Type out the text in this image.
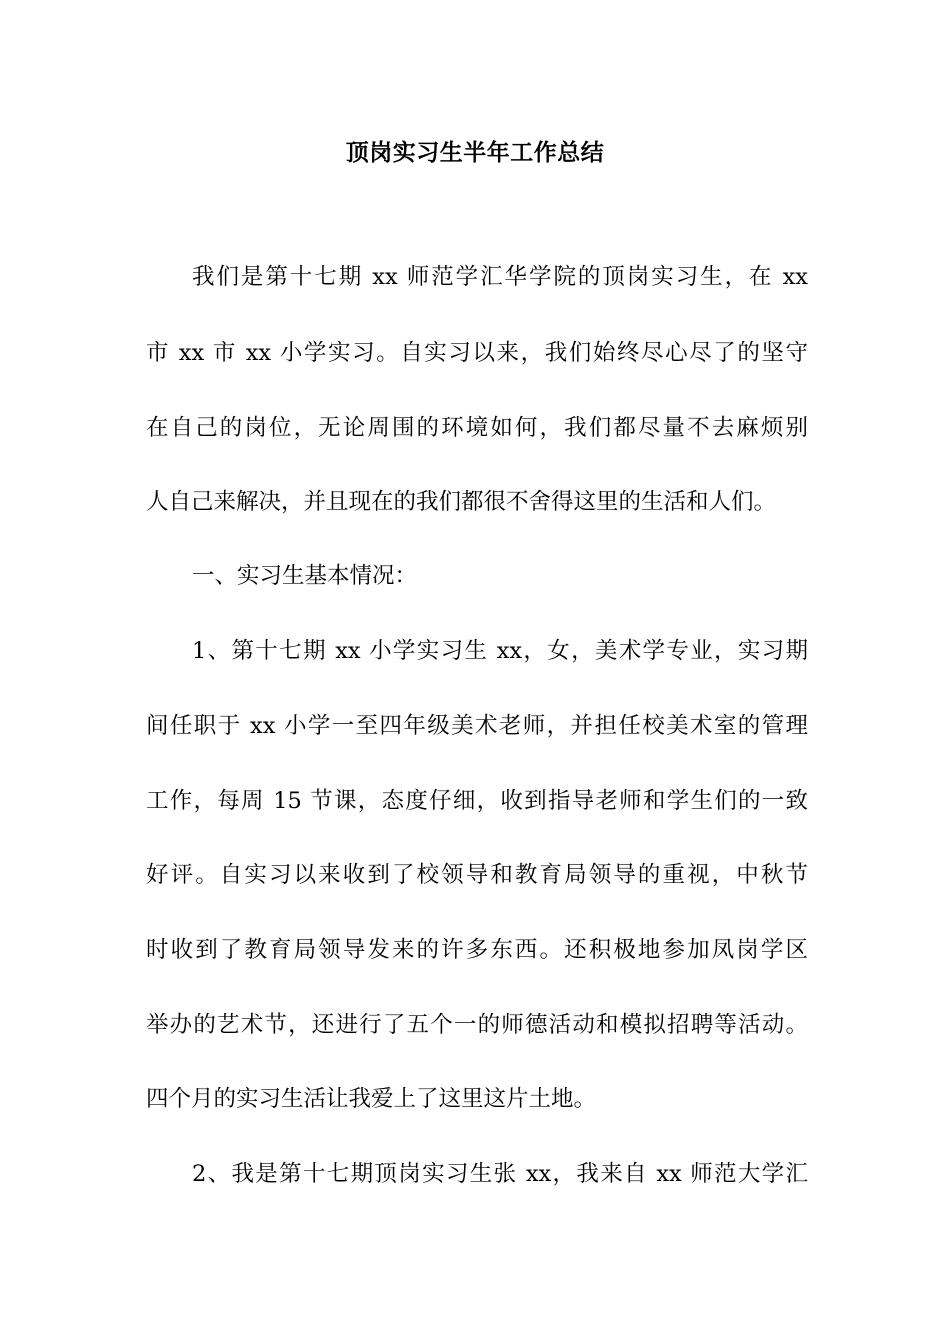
顶岗实习生半年工作总结

我们是第十七期 xx 师范学汇华学院的顶岗实习生，在 xx

市 xx 市 xx 小学实习。自实习以来，我们始终尽心尽了的坚守

在自己的岗位，无论周围的环境如何，我们都尽量不去麻烦别

人自己来解决，并且现在的我们都很不舍得这里的生活和人们。

一、实习生基本情况：

1、第十七期 xx 小学实习生 xx，女，美术学专业，实习期

间任职于 xx 小学一至四年级美术老师，并担任校美术室的管理

工作，每周 15 节课，态度仔细，收到指导老师和学生们的一致

好评。自实习以来收到了校领导和教育局领导的重视，中秋节

时收到了教育局领导发来的许多东西。还积极地参加凤岗学区

举办的艺术节，还进行了五个一的师德活动和模拟招聘等活动。

四个月的实习生活让我爱上了这里这片土地。

2、我是第十七期顶岗实习生张 xx，我来自 xx 师范大学汇
